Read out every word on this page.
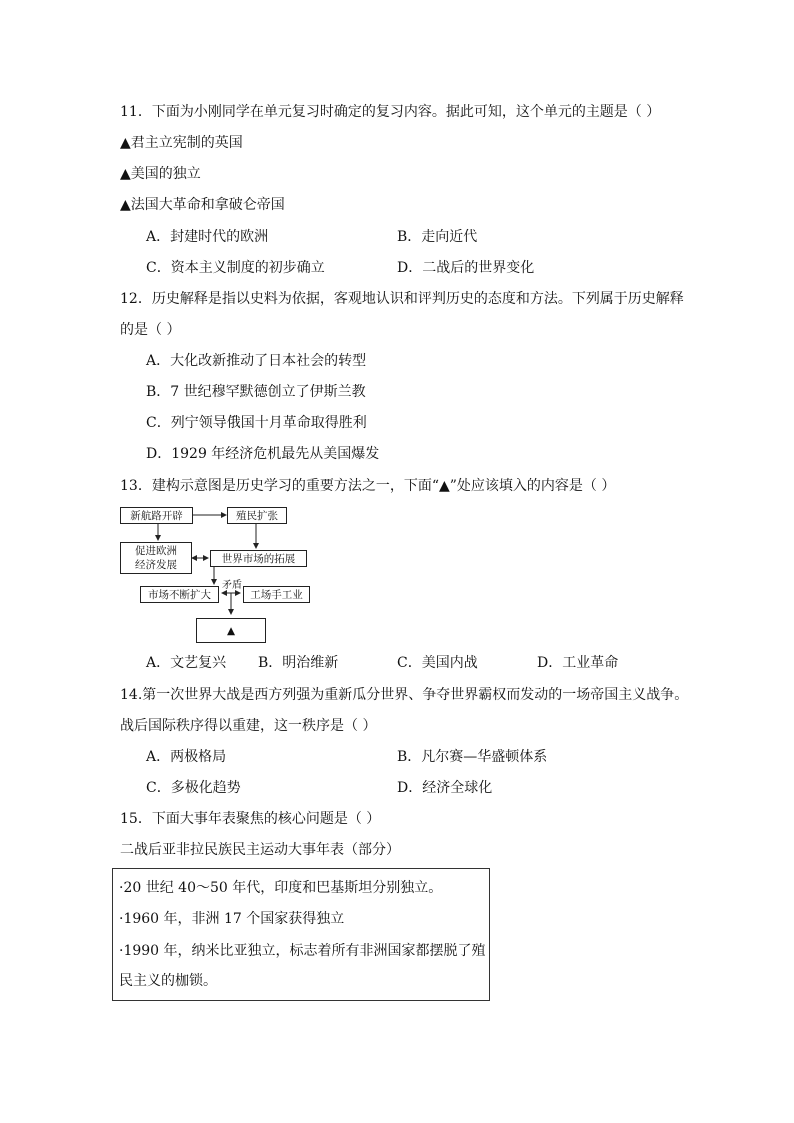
11．下面为小刚同学在单元复习时确定的复习内容。据此可知，这个单元的主题是（ ）
▲君主立宪制的英国
▲美国的独立
▲法国大革命和拿破仑帝国
A．封建时代的欧洲	B．走向近代
C．资本主义制度的初步确立	D．二战后的世界变化
12．历史解释是指以史料为依据，客观地认识和评判历史的态度和方法。下列属于历史解释
的是（ ）
A．大化改新推动了日本社会的转型
B．7 世纪穆罕默德创立了伊斯兰教
C．列宁领导俄国十月革命取得胜利
D．1929 年经济危机最先从美国爆发
13．建构示意图是历史学习的重要方法之一，下面“▲”处应该填入的内容是（ ）
新航路开辟	殖民扩张
促进欧洲
经济发展
世界市场的拓展
市场不断扩大
矛盾
工场手工业
▲
A．文艺复兴 B．明治维新	C．美国内战	D．工业革命
14.第一次世界大战是西方列强为重新瓜分世界、争夺世界霸权而发动的一场帝国主义战争。
战后国际秩序得以重建，这一秩序是（ ）
A．两极格局	B．凡尔赛—华盛顿体系
C．多极化趋势	D．经济全球化
15．下面大事年表聚焦的核心问题是（ ）
二战后亚非拉民族民主运动大事年表（部分）
·20 世纪 40～50 年代，印度和巴基斯坦分别独立。
·1960 年，非洲 17 个国家获得独立
·1990 年，纳米比亚独立，标志着所有非洲国家都摆脱了殖
民主义的枷锁。
